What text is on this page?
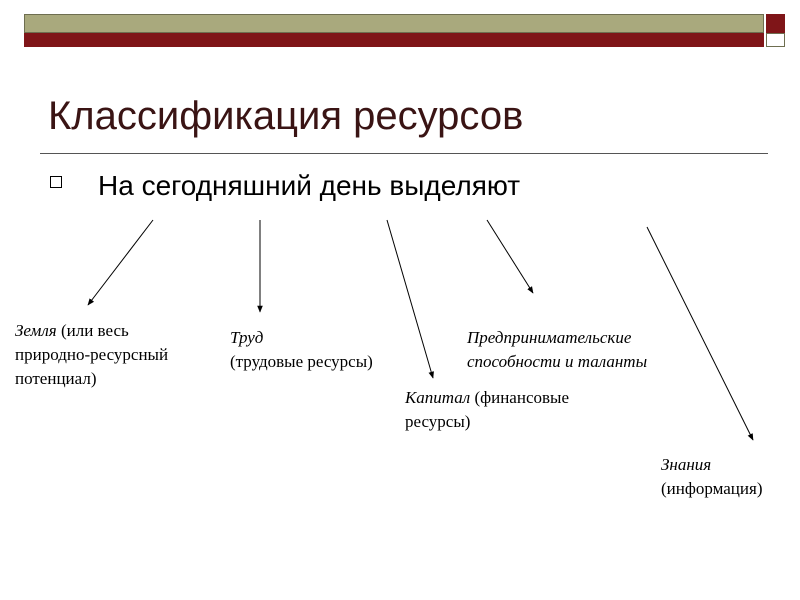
Классификация ресурсов
На сегодняшний день выделяют
Земля (или весь
природно-ресурсный
потенциал)
Труд
(трудовые ресурсы)
Капитал (финансовые
ресурсы)
Предпринимательские
способности и таланты
Знания
(информация)
